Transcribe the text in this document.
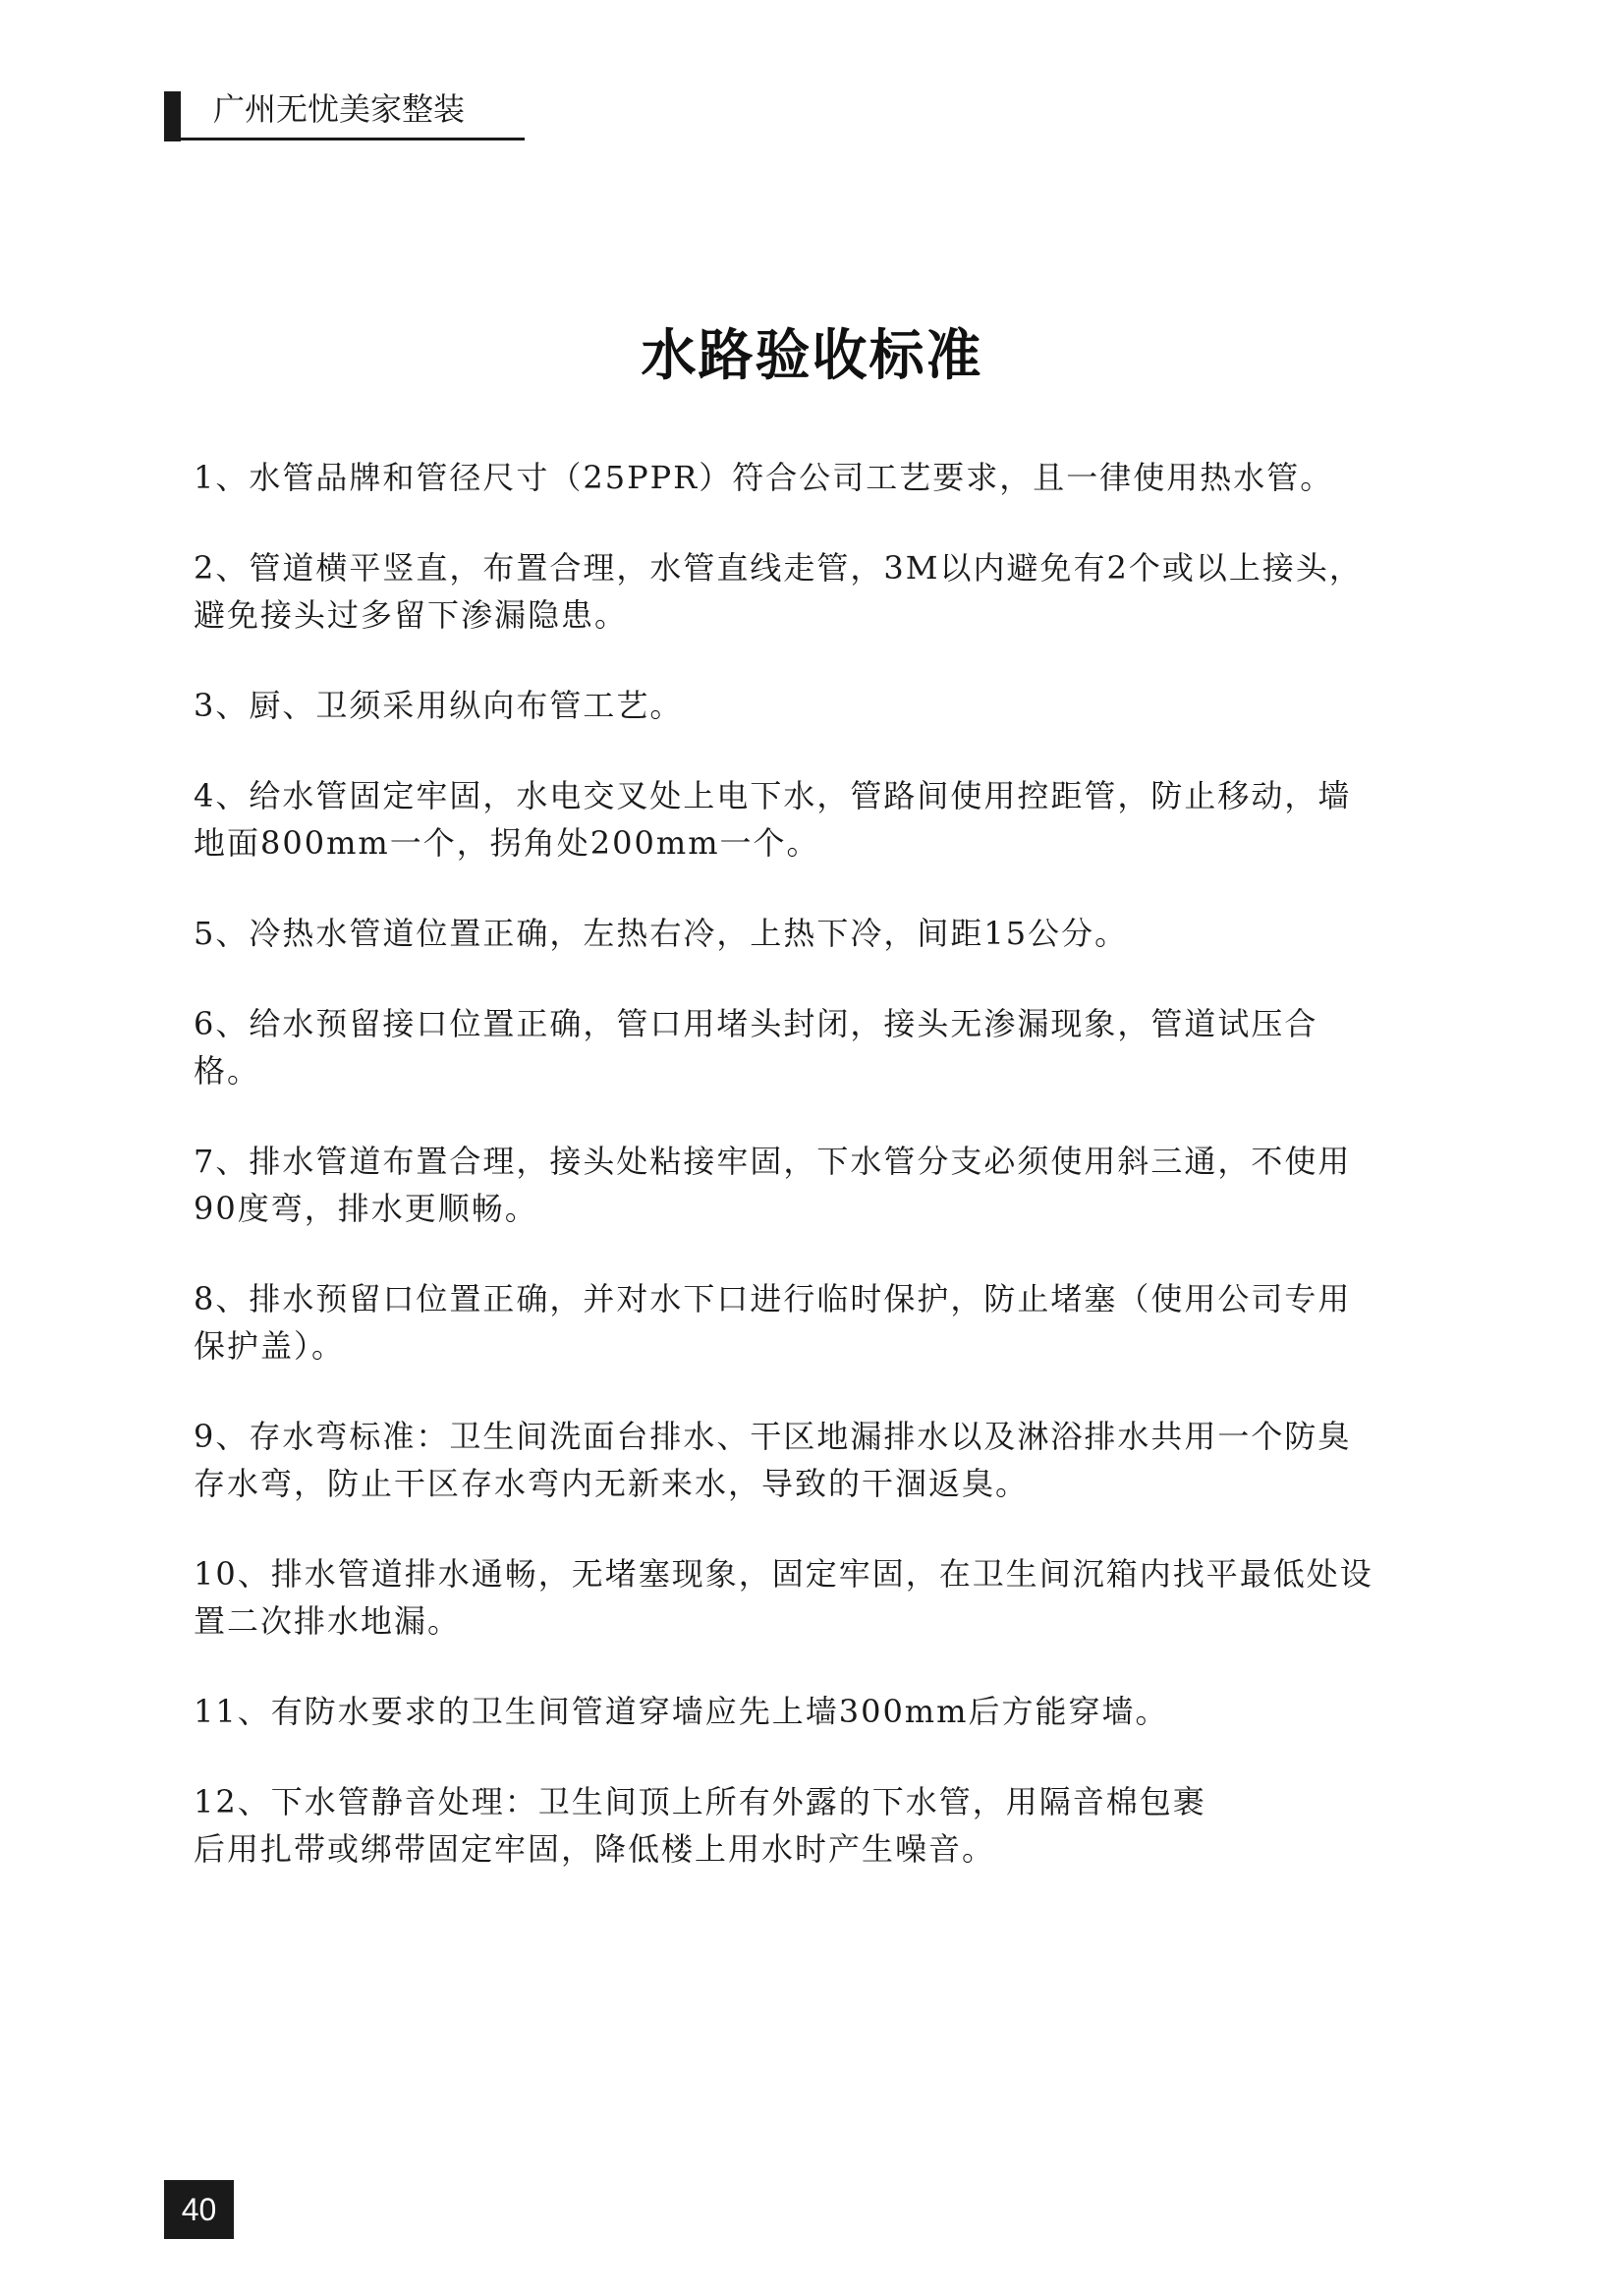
广州无忧美家整装
水路验收标准
1、水管品牌和管径尺寸（25PPR）符合公司工艺要求，且一律使用热水管。
2、管道横平竖直，布置合理，水管直线走管，3M以内避免有2个或以上接头，
避免接头过多留下渗漏隐患。
3、厨、卫须采用纵向布管工艺。
4、给水管固定牢固，水电交叉处上电下水，管路间使用控距管，防止移动，墙
地面800mm一个，拐角处200mm一个。
5、冷热水管道位置正确，左热右冷，上热下冷，间距15公分。
6、给水预留接口位置正确，管口用堵头封闭，接头无渗漏现象，管道试压合
格。
7、排水管道布置合理，接头处粘接牢固，下水管分支必须使用斜三通，不使用
90度弯，排水更顺畅。
8、排水预留口位置正确，并对水下口进行临时保护，防止堵塞（使用公司专用
保护盖）。
9、存水弯标准：卫生间洗面台排水、干区地漏排水以及淋浴排水共用一个防臭
存水弯，防止干区存水弯内无新来水，导致的干涸返臭。
10、排水管道排水通畅，无堵塞现象，固定牢固，在卫生间沉箱内找平最低处设
置二次排水地漏。
11、有防水要求的卫生间管道穿墙应先上墙300mm后方能穿墙。
12、下水管静音处理：卫生间顶上所有外露的下水管，用隔音棉包裹
后用扎带或绑带固定牢固，降低楼上用水时产生噪音。
40
